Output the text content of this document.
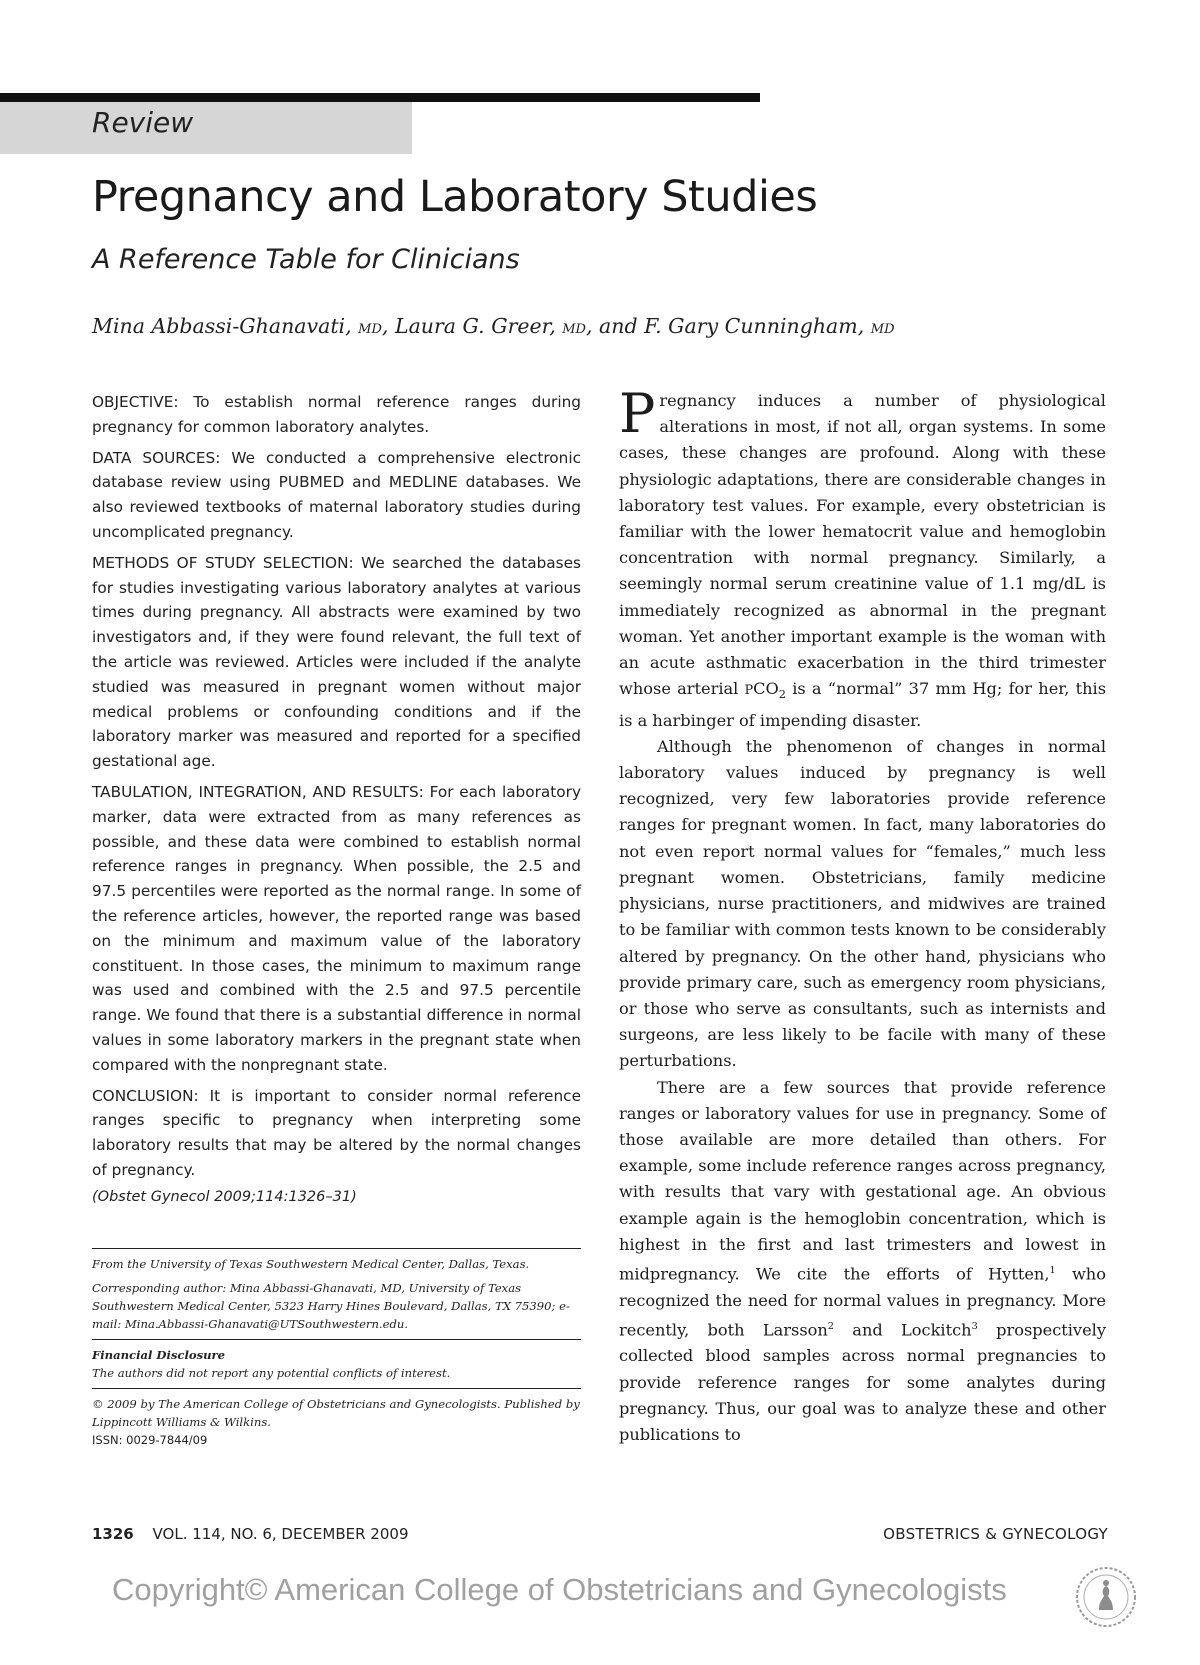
Review
Pregnancy and Laboratory Studies
A Reference Table for Clinicians
Mina Abbassi-Ghanavati, MD, Laura G. Greer, MD, and F. Gary Cunningham, MD

OBJECTIVE: To establish normal reference ranges during pregnancy for common laboratory analytes.

DATA SOURCES: We conducted a comprehensive electronic database review using PUBMED and MEDLINE databases. We also reviewed textbooks of maternal laboratory studies during uncomplicated pregnancy.

METHODS OF STUDY SELECTION: We searched the databases for studies investigating various laboratory analytes at various times during pregnancy. All abstracts were examined by two investigators and, if they were found relevant, the full text of the article was reviewed. Articles were included if the analyte studied was measured in pregnant women without major medical problems or confounding conditions and if the laboratory marker was measured and reported for a specified gestational age.

TABULATION, INTEGRATION, AND RESULTS: For each laboratory marker, data were extracted from as many references as possible, and these data were combined to establish normal reference ranges in pregnancy. When possible, the 2.5 and 97.5 percentiles were reported as the normal range. In some of the reference articles, however, the reported range was based on the minimum and maximum value of the laboratory constituent. In those cases, the minimum to maximum range was used and combined with the 2.5 and 97.5 percentile range. We found that there is a substantial difference in normal values in some laboratory markers in the pregnant state when compared with the nonpregnant state.

CONCLUSION: It is important to consider normal reference ranges specific to pregnancy when interpreting some laboratory results that may be altered by the normal changes of pregnancy.

(Obstet Gynecol 2009;114:1326–31)

From the University of Texas Southwestern Medical Center, Dallas, Texas.

Corresponding author: Mina Abbassi-Ghanavati, MD, University of Texas Southwestern Medical Center, 5323 Harry Hines Boulevard, Dallas, TX 75390; e-mail: Mina.Abbassi-Ghanavati@UTSouthwestern.edu.

Financial Disclosure

The authors did not report any potential conflicts of interest.

© 2009 by The American College of Obstetricians and Gynecologists. Published by Lippincott Williams & Wilkins.

ISSN: 0029-7844/09

Pregnancy induces a number of physiological alterations in most, if not all, organ systems. In some cases, these changes are profound. Along with these physiologic adaptations, there are considerable changes in laboratory test values. For example, every obstetrician is familiar with the lower hematocrit value and hemoglobin concentration with normal pregnancy. Similarly, a seemingly normal serum creatinine value of 1.1 mg/dL is immediately recognized as abnormal in the pregnant woman. Yet another important example is the woman with an acute asthmatic exacerbation in the third trimester whose arterial $PCO_2$ is a “normal” 37 mm Hg; for her, this is a harbinger of impending disaster.

Although the phenomenon of changes in normal laboratory values induced by pregnancy is well recognized, very few laboratories provide reference ranges for pregnant women. In fact, many laboratories do not even report normal values for “females,” much less pregnant women. Obstetricians, family medicine physicians, nurse practitioners, and midwives are trained to be familiar with common tests known to be considerably altered by pregnancy. On the other hand, physicians who provide primary care, such as emergency room physicians, or those who serve as consultants, such as internists and surgeons, are less likely to be facile with many of these perturbations.

There are a few sources that provide reference ranges or laboratory values for use in pregnancy. Some of those available are more detailed than others. For example, some include reference ranges across pregnancy, with results that vary with gestational age. An obvious example again is the hemoglobin concentration, which is highest in the first and last trimesters and lowest in midpregnancy. We cite the efforts of Hytten,$^1$ who recognized the need for normal values in pregnancy. More recently, both Larsson$^2$ and Lockitch$^3$ prospectively collected blood samples across normal pregnancies to provide reference ranges for some analytes during pregnancy. Thus, our goal was to analyze these and other publications to

1326 VOL. 114, NO. 6, DECEMBER 2009	OBSTETRICS & GYNECOLOGY
Copyright© American College of Obstetricians and Gynecologists
